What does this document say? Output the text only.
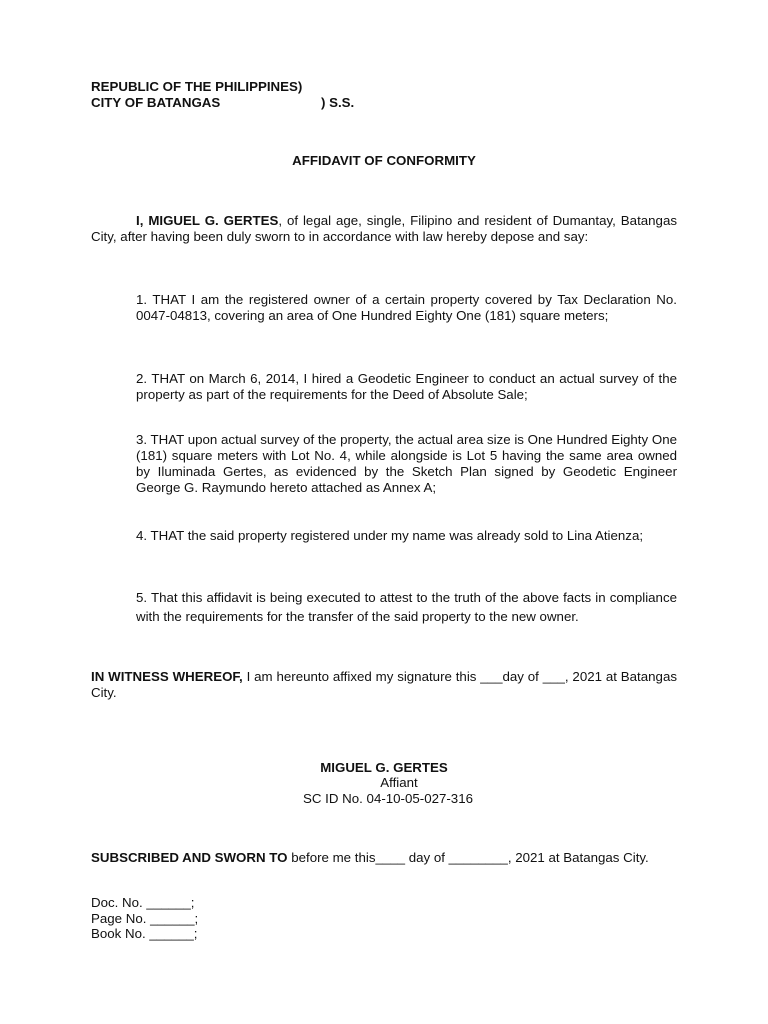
REPUBLIC OF THE PHILIPPINES)
CITY OF BATANGAS	) S.S.
AFFIDAVIT OF CONFORMITY
I, MIGUEL G. GERTES, of legal age, single, Filipino and resident of Dumantay, Batangas City, after having been duly sworn to in accordance with law hereby depose and say:
1. THAT I am the registered owner of a certain property covered by Tax Declaration No. 0047-04813, covering an area of One Hundred Eighty One (181) square meters;
2. THAT on March 6, 2014, I hired a Geodetic Engineer to conduct an actual survey of the property as part of the requirements for the Deed of Absolute Sale;
3. THAT upon actual survey of the property, the actual area size is One Hundred Eighty One (181) square meters with Lot No. 4, while alongside is Lot 5 having the same area owned by Iluminada Gertes, as evidenced by the Sketch Plan signed by Geodetic Engineer George G. Raymundo hereto attached as Annex A;
4. THAT the said property registered under my name was already sold to Lina Atienza;
5. That this affidavit is being executed to attest to the truth of the above facts in compliance with the requirements for the transfer of the said property to the new owner.
IN WITNESS WHEREOF, I am hereunto affixed my signature this ___day of ___, 2021 at Batangas City.
MIGUEL G. GERTES
Affiant
SC ID No. 04-10-05-027-316
SUBSCRIBED AND SWORN TO before me this____ day of ________, 2021 at Batangas City.
Doc. No. ______;
Page No. ______;
Book No. ______;
